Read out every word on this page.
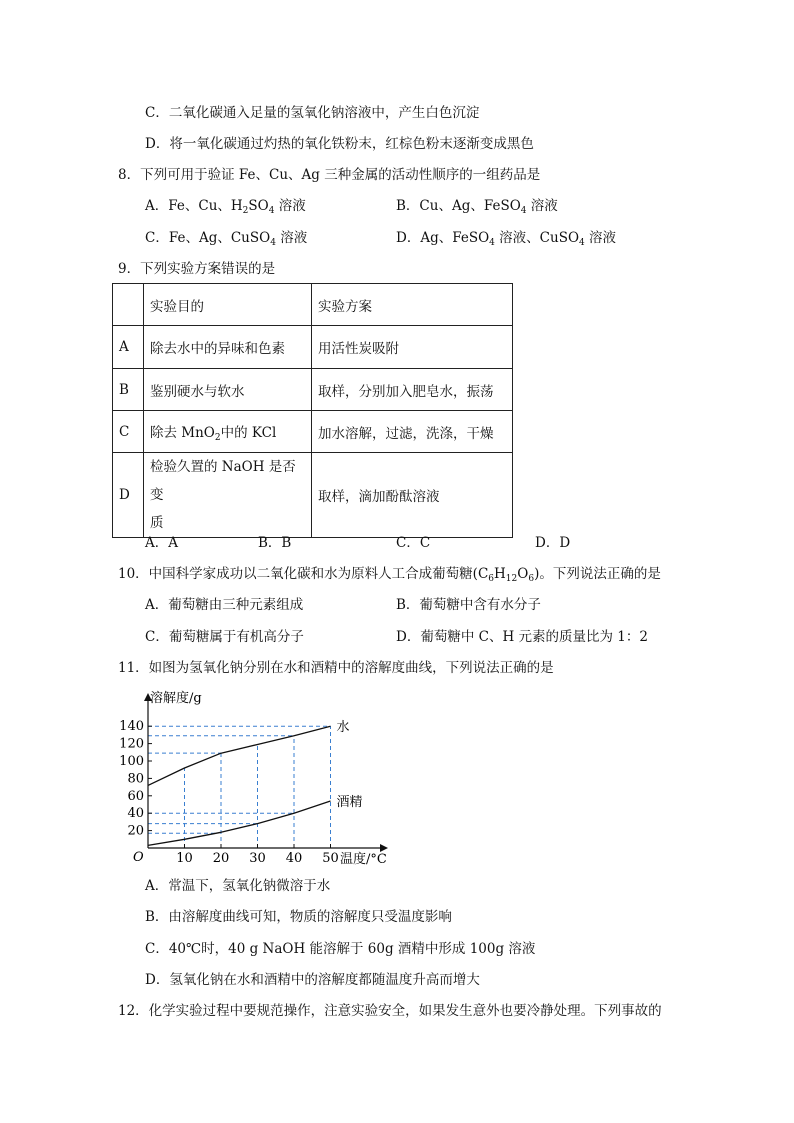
C．二氧化碳通入足量的氢氧化钠溶液中，产生白色沉淀
D．将一氧化碳通过灼热的氧化铁粉末，红棕色粉末逐渐变成黑色
8．下列可用于验证 Fe、Cu、Ag 三种金属的活动性顺序的一组药品是
A．Fe、Cu、$H_2SO_4$ 溶液	B．Cu、Ag、FeSO$_4$ 溶液
C．Fe、Ag、CuSO$_4$ 溶液	D．Ag、FeSO$_4$ 溶液、CuSO$_4$ 溶液
9．下列实验方案错误的是
	实验目的	实验方案
A	除去水中的异味和色素	用活性炭吸附
B	鉴别硬水与软水	取样，分别加入肥皂水，振荡
C	除去 MnO$_2$中的 KCl	加水溶解，过滤，洗涤，干燥
D	检验久置的 NaOH 是否变
质	取样，滴加酚酞溶液
A．A	B．B	C．C	D．D
10．中国科学家成功以二氧化碳和水为原料人工合成葡萄糖$(C_6H_{12}O_6)$。下列说法正确的是
A．葡萄糖由三种元素组成	B．葡萄糖中含有水分子
C．葡萄糖属于有机高分子	D．葡萄糖中 C、H 元素的质量比为 1：2
11．如图为氢氧化钠分别在水和酒精中的溶解度曲线，下列说法正确的是
10 20 30 40 50
20
40
60
80
100
120
140	水
酒精
溶解度/g
温度/°C
O
A．常温下，氢氧化钠微溶于水
B．由溶解度曲线可知，物质的溶解度只受温度影响
C．40℃时，40 g NaOH 能溶解于 60g 酒精中形成 100g 溶液
D．氢氧化钠在水和酒精中的溶解度都随温度升高而增大
12．化学实验过程中要规范操作，注意实验安全，如果发生意外也要冷静处理。下列事故的
